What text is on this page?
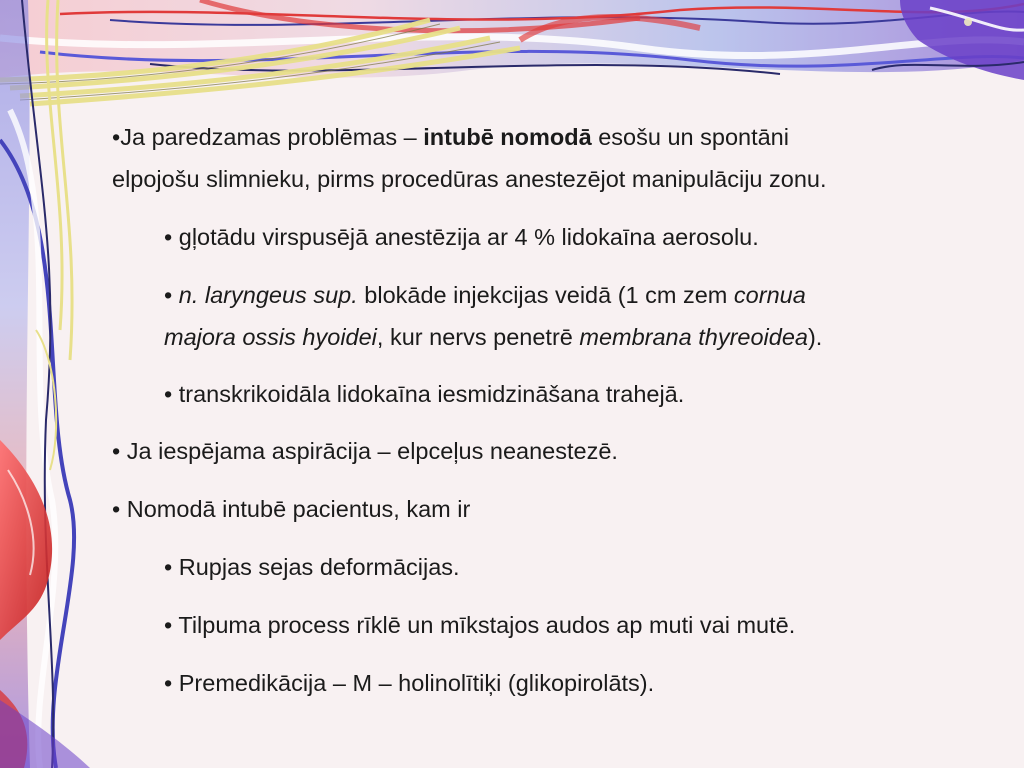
•Ja paredzamas problēmas – intubē nomodā esošu un spontāni

elpojošu slimnieku, pirms procedūras anestezējot manipulāciju zonu.

• gļotādu virspusējā anestēzija ar 4 % lidokaīna aerosolu.

• n. laryngeus sup. blokāde injekcijas veidā (1 cm zem cornua

majora ossis hyoidei, kur nervs penetrē membrana thyreoidea).

• transkrikoidāla lidokaīna iesmidzināšana trahejā.

• Ja iespējama aspirācija – elpceļus neanestezē.

• Nomodā intubē pacientus, kam ir

• Rupjas sejas deformācijas.

• Tilpuma process rīklē un mīkstajos audos ap muti vai mutē.

• Premedikācija – M – holinolītiķi (glikopirolāts).
